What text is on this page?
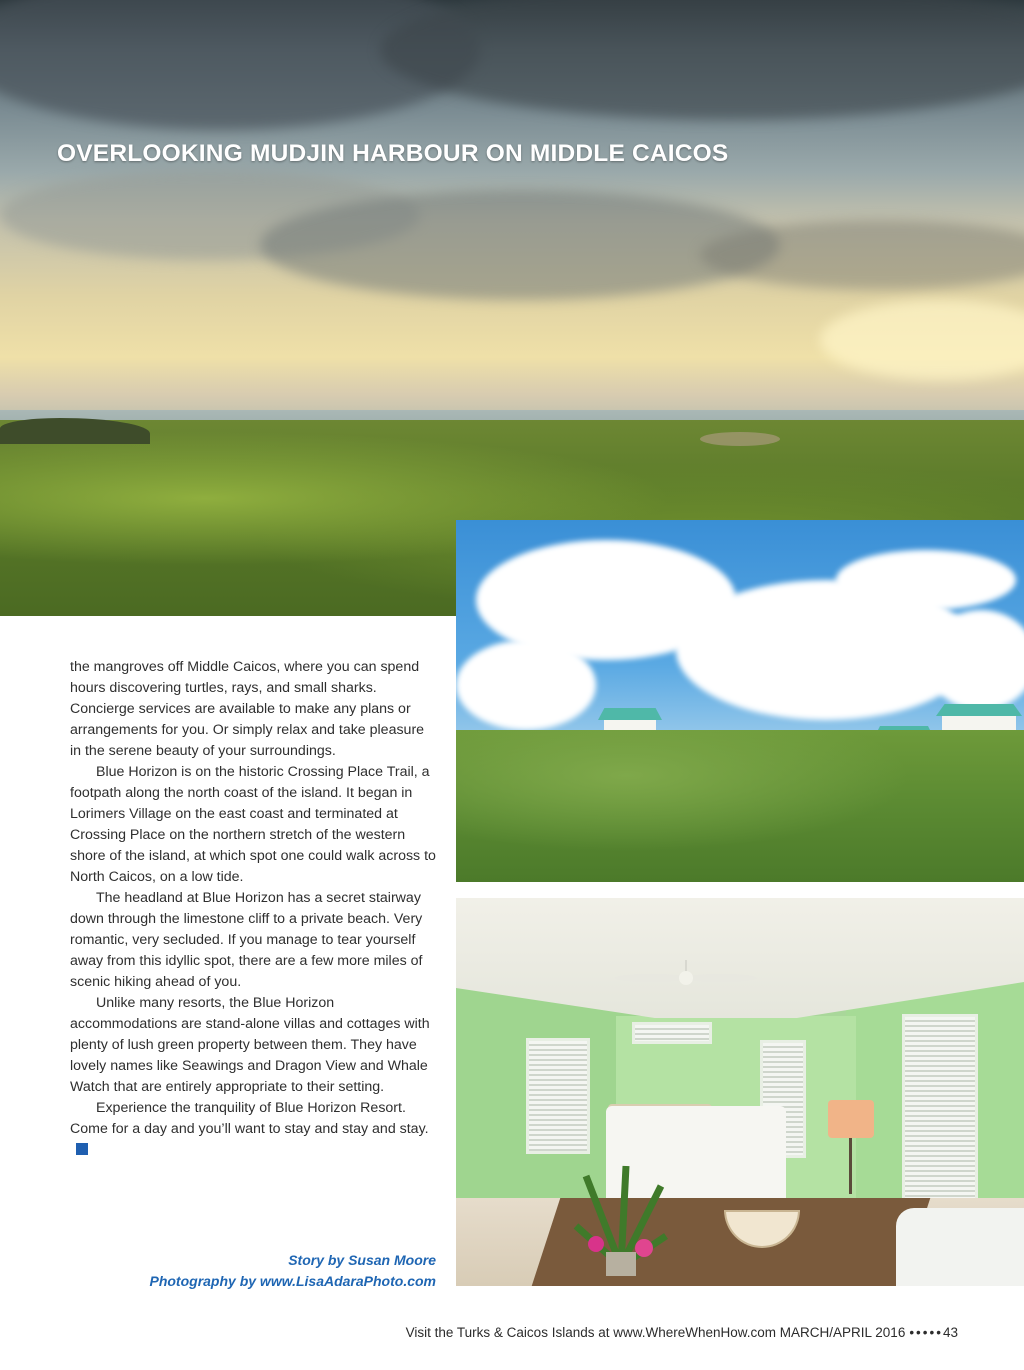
OVERLOOKING MUDJIN HARBOUR ON MIDDLE CAICOS

the mangroves off Middle Caicos, where you can spend hours discovering turtles, rays, and small sharks. Concierge services are available to make any plans or arrangements for you. Or simply relax and take pleasure in the serene beauty of your surroundings.

Blue Horizon is on the historic Crossing Place Trail, a footpath along the north coast of the island. It began in Lorimers Village on the east coast and terminated at Crossing Place on the northern stretch of the western shore of the island, at which spot one could walk across to North Caicos, on a low tide.

The headland at Blue Horizon has a secret stairway down through the limestone cliff to a private beach. Very romantic, very secluded. If you manage to tear yourself away from this idyllic spot, there are a few more miles of scenic hiking ahead of you.

Unlike many resorts, the Blue Horizon accommodations are stand-alone villas and cottages with plenty of lush green property between them. They have lovely names like Seawings and Dragon View and Whale Watch that are entirely appropriate to their setting.

Experience the tranquility of Blue Horizon Resort. Come for a day and you’ll want to stay and stay and stay.

Story by Susan Moore
Photography by www.LisaAdaraPhoto.com
Visit the Turks & Caicos Islands at www.WhereWhenHow.com MARCH/APRIL 2016 •••••43
